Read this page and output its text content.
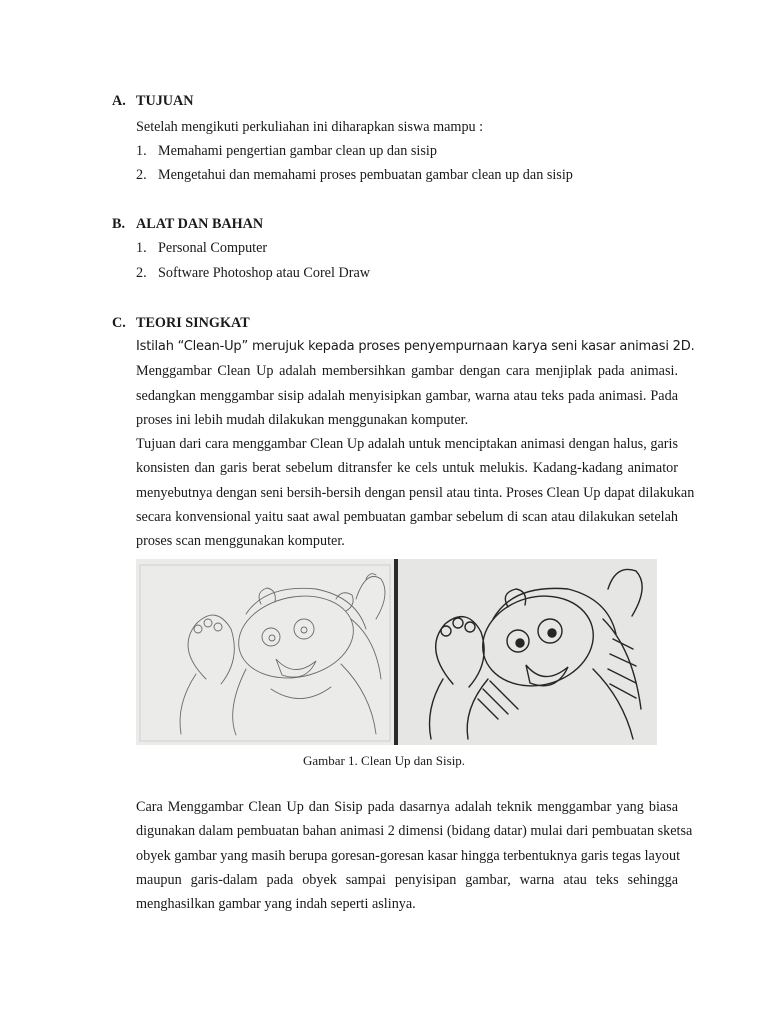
A. TUJUAN
Setelah mengikuti perkuliahan ini diharapkan siswa mampu :
1. Memahami pengertian gambar clean up dan sisip
2. Mengetahui dan memahami proses pembuatan gambar clean up dan sisip
B. ALAT DAN BAHAN
1. Personal Computer
2. Software Photoshop atau Corel Draw
C. TEORI SINGKAT
Istilah “Clean-Up” merujuk kepada proses penyempurnaan karya seni kasar animasi 2D.
Menggambar Clean Up adalah membersihkan gambar dengan cara menjiplak pada animasi.
sedangkan menggambar sisip adalah menyisipkan gambar, warna atau teks pada animasi. Pada
proses ini lebih mudah dilakukan menggunakan komputer.
Tujuan dari cara menggambar Clean Up adalah untuk menciptakan animasi dengan halus, garis
konsisten dan garis berat sebelum ditransfer ke cels untuk melukis. Kadang-kadang animator
menyebutnya dengan seni bersih-bersih dengan pensil atau tinta. Proses Clean Up dapat dilakukan
secara konvensional yaitu saat awal pembuatan gambar sebelum di scan atau dilakukan setelah
proses scan menggunakan komputer.
Gambar 1. Clean Up dan Sisip.
Cara Menggambar Clean Up dan Sisip pada dasarnya adalah teknik menggambar yang biasa
digunakan dalam pembuatan bahan animasi 2 dimensi (bidang datar) mulai dari pembuatan sketsa
obyek gambar yang masih berupa goresan-goresan kasar hingga terbentuknya garis tegas layout
maupun garis-dalam pada obyek sampai penyisipan gambar, warna atau teks sehingga
menghasilkan gambar yang indah seperti aslinya.
